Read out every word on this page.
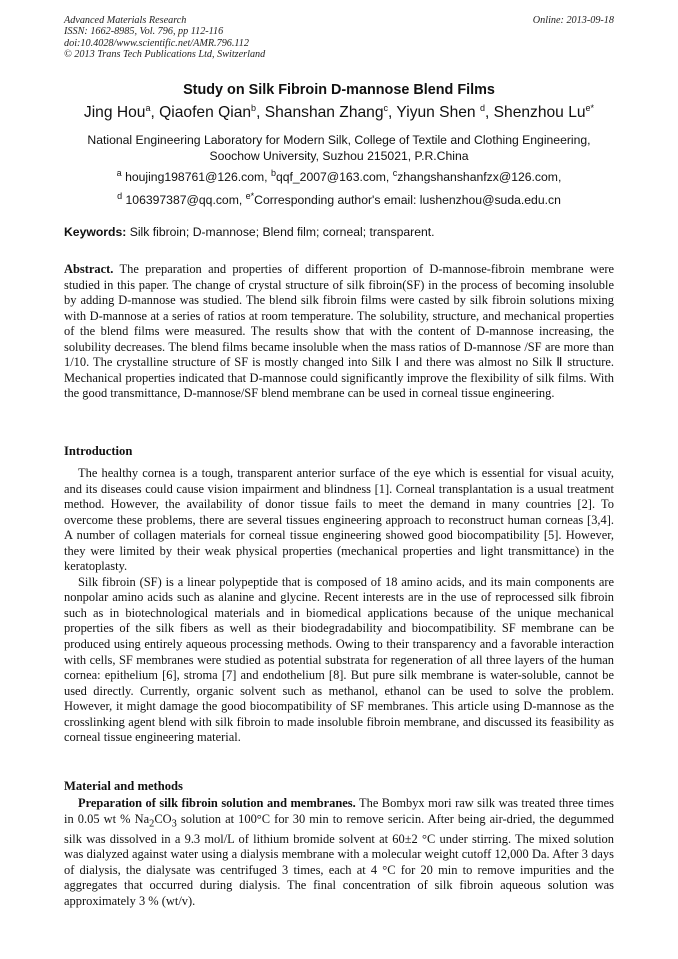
Advanced Materials Research
ISSN: 1662-8985, Vol. 796, pp 112-116
doi:10.4028/www.scientific.net/AMR.796.112
© 2013 Trans Tech Publications Ltd, Switzerland
Online: 2013-09-18
Study on Silk Fibroin D-mannose Blend Films
Jing Hou$^a$, Qiaofen Qian$^b$, Shanshan Zhang$^c$, Yiyun Shen $^d$, Shenzhou $Lu^{e*}$
National Engineering Laboratory for Modern Silk, College of Textile and Clothing Engineering,
Soochow University, Suzhou 215021, P.R.China
$^a$ houjing198761@126.com, $^b$qqf_2007@163.com, $^c$zhangshanshanfzx@126.com,
$^d$ 106397387@qq.com, $^{e*}$Corresponding author's email: lushenzhou@suda.edu.cn
Keywords: Silk fibroin; D-mannose; Blend film; corneal; transparent.

Abstract. The preparation and properties of different proportion of D-mannose-fibroin membrane were studied in this paper. The change of crystal structure of silk fibroin(SF) in the process of becoming insoluble by adding D-mannose was studied. The blend silk fibroin films were casted by silk fibroin solutions mixing with D-mannose at a series of ratios at room temperature. The solubility, structure, and mechanical properties of the blend films were measured. The results show that with the content of D-mannose increasing, the solubility decreases. The blend films became insoluble when the mass ratios of D-mannose /SF are more than 1/10. The crystalline structure of SF is mostly changed into Silk Ⅰ and there was almost no Silk Ⅱ structure. Mechanical properties indicated that D-mannose could significantly improve the flexibility of silk films. With the good transmittance, D-mannose/SF blend membrane can be used in corneal tissue engineering.

Introduction

The healthy cornea is a tough, transparent anterior surface of the eye which is essential for visual acuity, and its diseases could cause vision impairment and blindness [1]. Corneal transplantation is a usual treatment method. However, the availability of donor tissue fails to meet the demand in many countries [2]. To overcome these problems, there are several tissues engineering approach to reconstruct human corneas [3,4]. A number of collagen materials for corneal tissue engineering showed good biocompatibility [5]. However, they were limited by their weak physical properties (mechanical properties and light transmittance) in the keratoplasty.

Silk fibroin (SF) is a linear polypeptide that is composed of 18 amino acids, and its main components are nonpolar amino acids such as alanine and glycine. Recent interests are in the use of reprocessed silk fibroin such as in biotechnological materials and in biomedical applications because of the unique mechanical properties of the silk fibers as well as their biodegradability and biocompatibility. SF membrane can be produced using entirely aqueous processing methods. Owing to their transparency and a favorable interaction with cells, SF membranes were studied as potential substrata for regeneration of all three layers of the human cornea: epithelium [6], stroma [7] and endothelium [8]. But pure silk membrane is water-soluble, cannot be used directly. Currently, organic solvent such as methanol, ethanol can be used to solve the problem. However, it might damage the good biocompatibility of SF membranes. This article using D-mannose as the crosslinking agent blend with silk fibroin to made insoluble fibroin membrane, and discussed its feasibility as corneal tissue engineering material.

Material and methods

Preparation of silk fibroin solution and membranes. The Bombyx mori raw silk was treated three times in 0.05 wt % $Na_2CO_3$ solution at 100°C for 30 min to remove sericin. After being air-dried, the degummed silk was dissolved in a 9.3 mol/L of lithium bromide solvent at 60±2 °C under stirring. The mixed solution was dialyzed against water using a dialysis membrane with a molecular weight cutoff 12,000 Da. After 3 days of dialysis, the dialysate was centrifuged 3 times, each at 4 °C for 20 min to remove impurities and the aggregates that occurred during dialysis. The final concentration of silk fibroin aqueous solution was approximately 3 % (wt/v).
